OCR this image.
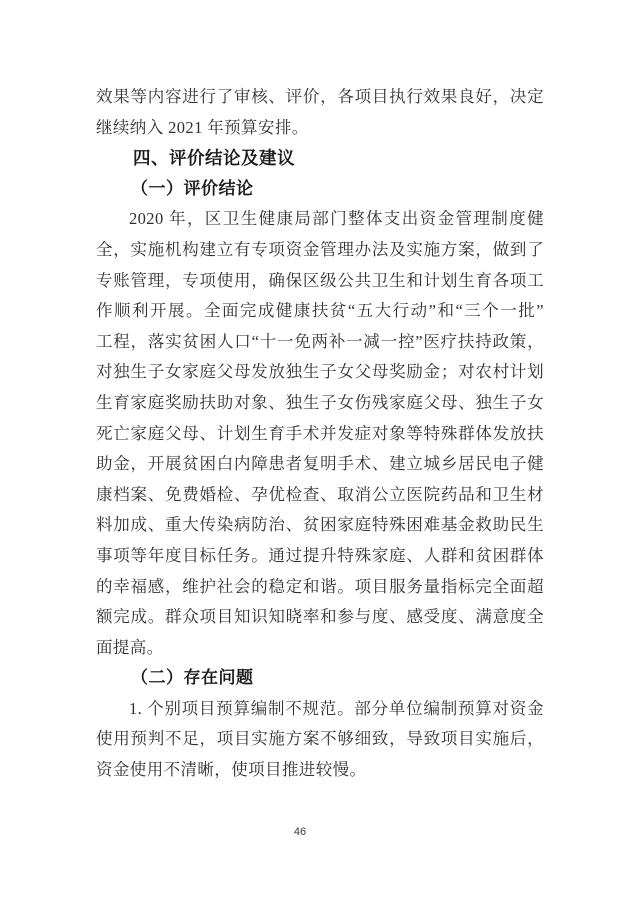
效果等内容进行了审核、评价，各项目执行效果良好，决定
继续纳入 2021 年预算安排。
四、评价结论及建议
（一）评价结论
2020 年，区卫生健康局部门整体支出资金管理制度健
全，实施机构建立有专项资金管理办法及实施方案，做到了
专账管理，专项使用，确保区级公共卫生和计划生育各项工
作顺利开展。全面完成健康扶贫“五大行动”和“三个一批”
工程，落实贫困人口“十一免两补一减一控”医疗扶持政策，
对独生子女家庭父母发放独生子女父母奖励金；对农村计划
生育家庭奖励扶助对象、独生子女伤残家庭父母、独生子女
死亡家庭父母、计划生育手术并发症对象等特殊群体发放扶
助金，开展贫困白内障患者复明手术、建立城乡居民电子健
康档案、免费婚检、孕优检查、取消公立医院药品和卫生材
料加成、重大传染病防治、贫困家庭特殊困难基金救助民生
事项等年度目标任务。通过提升特殊家庭、人群和贫困群体
的幸福感，维护社会的稳定和谐。项目服务量指标完全面超
额完成。群众项目知识知晓率和参与度、感受度、满意度全
面提高。
（二）存在问题
1. 个别项目预算编制不规范。部分单位编制预算对资金
使用预判不足，项目实施方案不够细致，导致项目实施后，
资金使用不清晰，使项目推进较慢。
46
